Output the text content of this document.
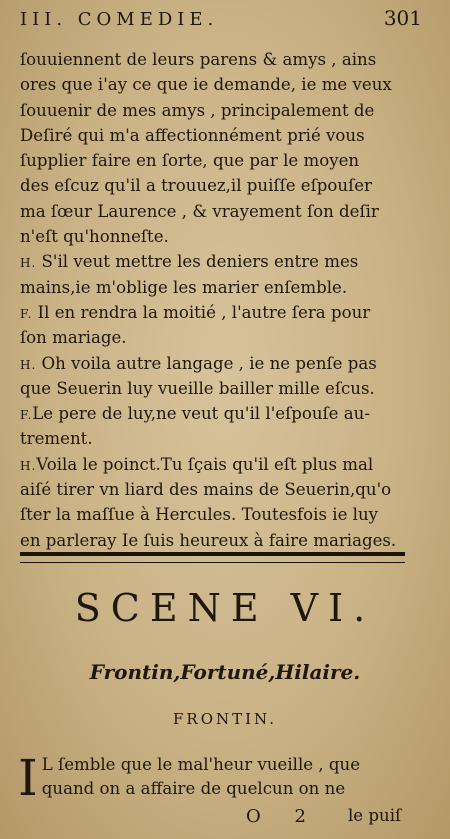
III. COMEDIE.	301
ſouuiennent de leurs parens & amys , ains
ores que i'ay ce que ie demande, ie me veux
ſouuenir de mes amys , principalement de
Deſiré qui m'a affectionnément prié vous
ſupplier faire en ſorte, que par le moyen
des eſcuz qu'il a trouuez,il puiſſe eſpouſer
ma ſœur Laurence , & vrayement ſon deſir
n'eſt qu'honneſte.
H. S'il veut mettre les deniers entre mes
mains,ie m'oblige les marier enſemble.
F. Il en rendra la moitié , l'autre ſera pour
ſon mariage.
H. Oh voila autre langage , ie ne penſe pas
que Seuerin luy vueille bailler mille eſcus.
F.Le pere de luy,ne veut qu'il l'eſpouſe au-
trement.
H.Voila le poinct.Tu ſçais qu'il eſt plus mal
aiſé tirer vn liard des mains de Seuerin,qu'o
ſter la maſſue à Hercules. Toutesfois ie luy
en parleray Ie ſuis heureux à faire mariages.
SCENE VI.
Frontin,Fortuné,Hilaire.
FRONTIN.
I L ſemble que le mal'heur vueille , que
quand on a affaire de quelcun on ne
O 2 le puiſ
